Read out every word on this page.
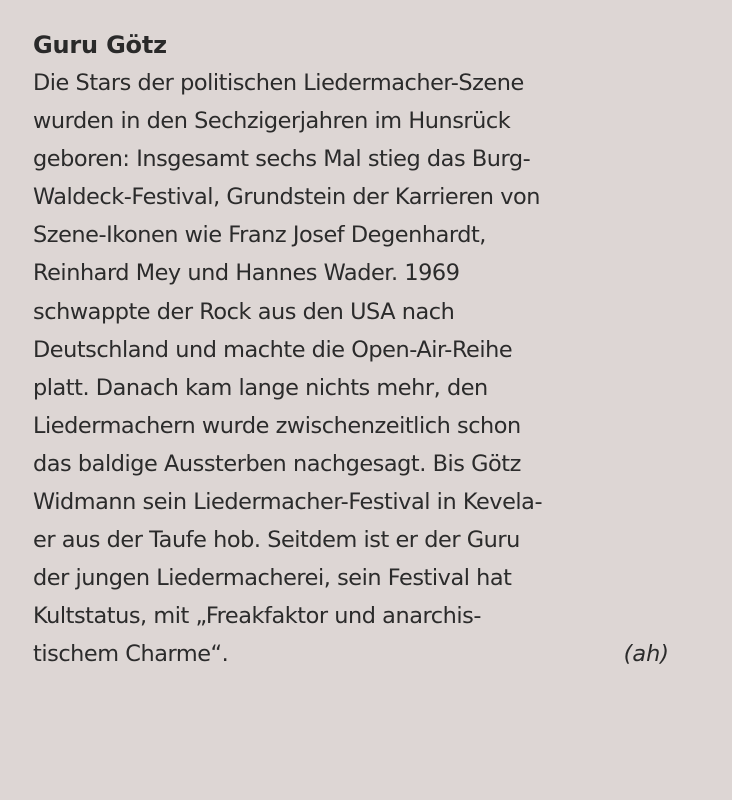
Guru Götz
Die Stars der politischen Liedermacher-Szene
wurden in den Sechzigerjahren im Hunsrück
geboren: Insgesamt sechs Mal stieg das Burg-
Waldeck-Festival, Grundstein der Karrieren von
Szene-Ikonen wie Franz Josef Degenhardt,
Reinhard Mey und Hannes Wader. 1969
schwappte der Rock aus den USA nach
Deutschland und machte die Open-Air-Reihe
platt. Danach kam lange nichts mehr, den
Liedermachern wurde zwischenzeitlich schon
das baldige Aussterben nachgesagt. Bis Götz
Widmann sein Liedermacher-Festival in Kevela-
er aus der Taufe hob. Seitdem ist er der Guru
der jungen Liedermacherei, sein Festival hat
Kultstatus, mit „Freakfaktor und anarchis-
tischem Charme“.	(ah)
